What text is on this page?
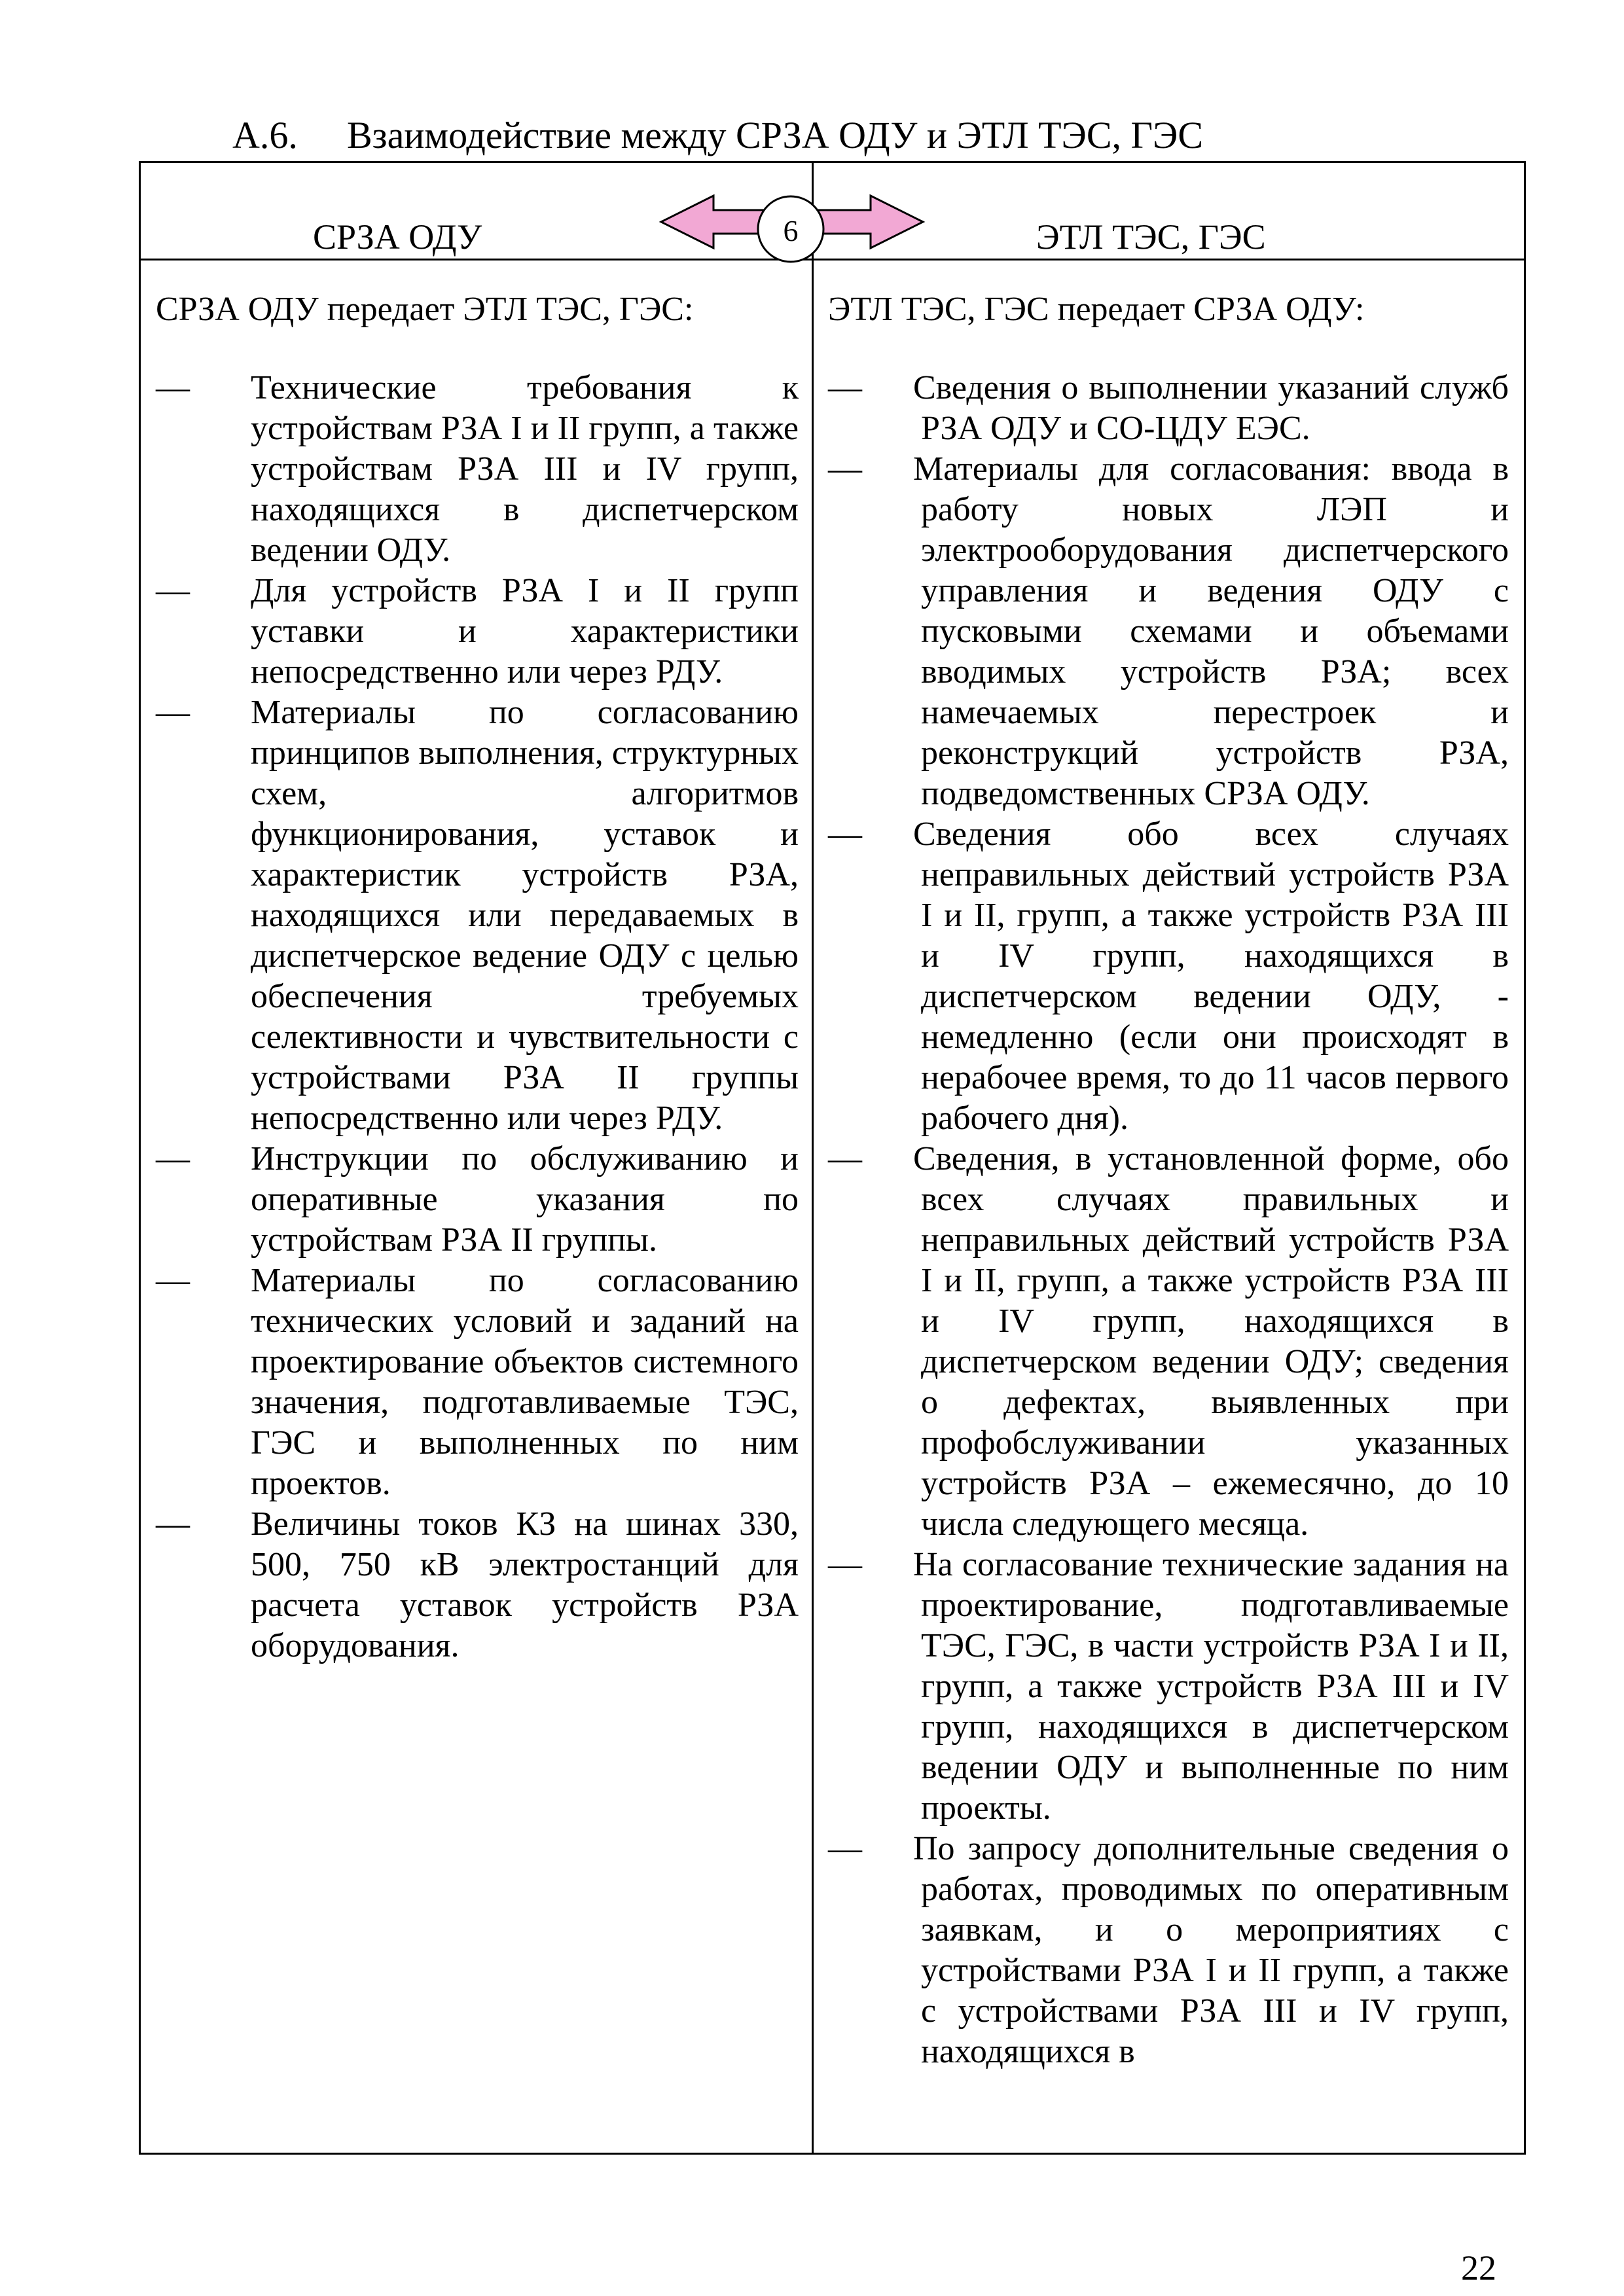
А.6. Взаимодействие между СРЗА ОДУ и ЭТЛ ТЭС, ГЭС
СРЗА ОДУ	ЭТЛ ТЭС, ГЭС
6

СРЗА ОДУ передает ЭТЛ ТЭС, ГЭС:

— Технические требования к устройствам РЗА I и II групп, а также устройствам РЗА III и IV групп, находящихся в диспетчерском ведении ОДУ.
— Для устройств РЗА I и II групп уставки и характеристики непосредственно или через РДУ.
— Материалы по согласованию принципов выполнения, структурных схем, алгоритмов функционирования, уставок и характеристик устройств РЗА, находящихся или передаваемых в диспетчерское ведение ОДУ с целью обеспечения требуемых селективности и чувствительности с устройствами РЗА II группы непосредственно или через РДУ.
— Инструкции по обслуживанию и оперативные указания по устройствам РЗА II группы.
— Материалы по согласованию технических условий и заданий на проектирование объектов системного значения, подготавливаемые ТЭС, ГЭС и выполненных по ним проектов.
— Величины токов КЗ на шинах 330, 500, 750 кВ электростанций для расчета уставок устройств РЗА оборудования.

ЭТЛ ТЭС, ГЭС передает СРЗА ОДУ:

— Сведения о выполнении указаний служб РЗА ОДУ и СО-ЦДУ ЕЭС.
— Материалы для согласования: ввода в работу новых ЛЭП и электрооборудования диспетчерского управления и ведения ОДУ с пусковыми схемами и объемами вводимых устройств РЗА; всех намечаемых перестроек и реконструкций устройств РЗА, подведомственных СРЗА ОДУ.
— Сведения обо всех случаях неправильных действий устройств РЗА I и II, групп, а также устройств РЗА III и IV групп, находящихся в диспетчерском ведении ОДУ, - немедленно (если они происходят в нерабочее время, то до 11 часов первого рабочего дня).
— Сведения, в установленной форме, обо всех случаях правильных и неправильных действий устройств РЗА I и II, групп, а также устройств РЗА III и IV групп, находящихся в диспетчерском ведении ОДУ; сведения о дефектах, выявленных при профобслуживании указанных устройств РЗА – ежемесячно, до 10 числа следующего месяца.
— На согласование технические задания на проектирование, подготавливаемые ТЭС, ГЭС, в части устройств РЗА I и II, групп, а также устройств РЗА III и IV групп, находящихся в диспетчерском ведении ОДУ и выполненные по ним проекты.
— По запросу дополнительные сведения о работах, проводимых по оперативным заявкам, и о мероприятиях с устройствами РЗА I и II групп, а также с устройствами РЗА III и IV групп, находящихся в
22
